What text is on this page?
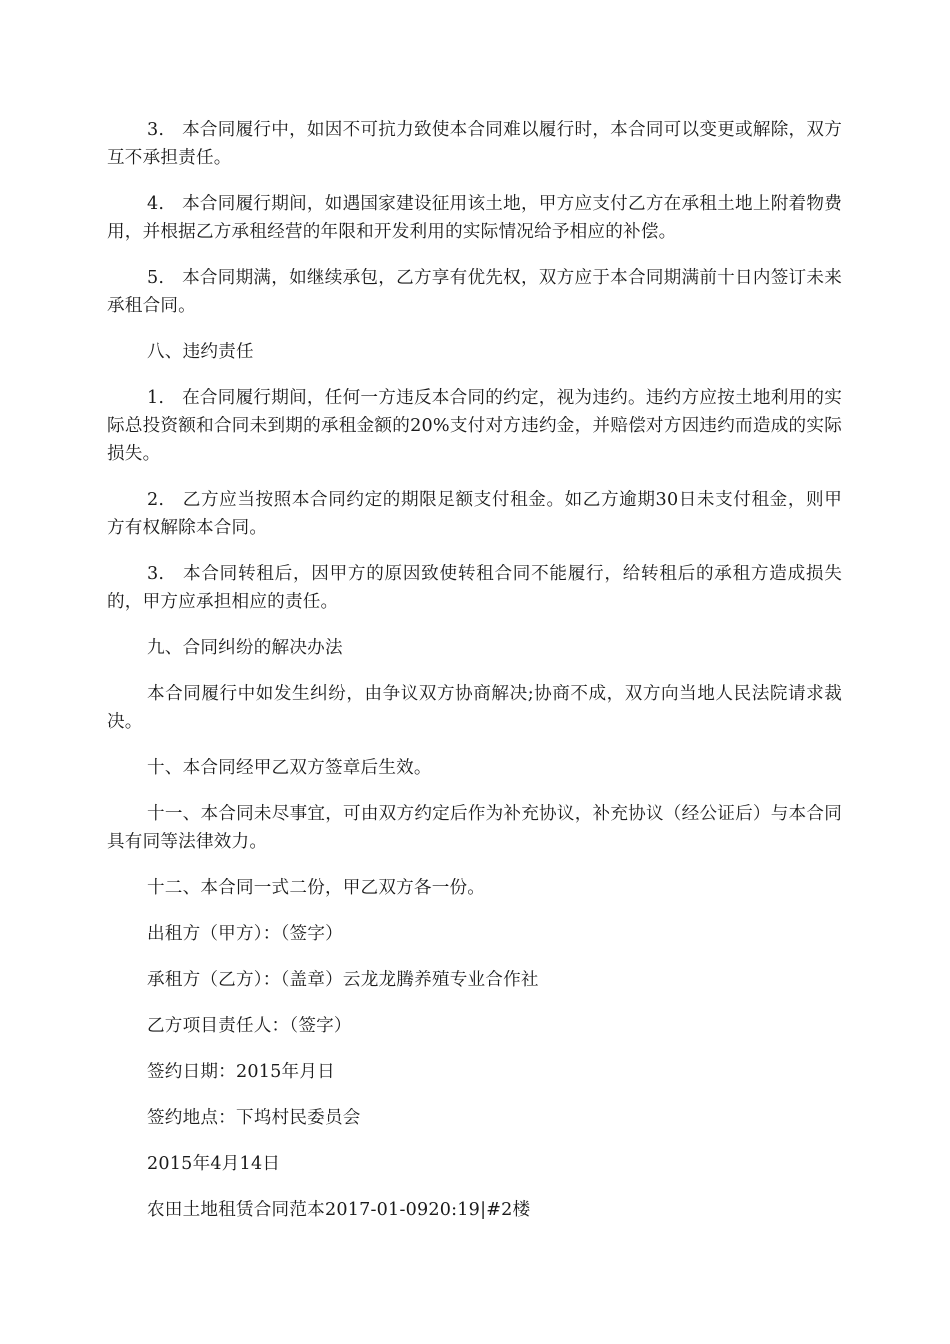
3.　本合同履行中，如因不可抗力致使本合同难以履行时，本合同可以变更或解除，双方互不承担责任。

4.　本合同履行期间，如遇国家建设征用该土地，甲方应支付乙方在承租土地上附着物费用，并根据乙方承租经营的年限和开发利用的实际情况给予相应的补偿。

5.　本合同期满，如继续承包，乙方享有优先权，双方应于本合同期满前十日内签订未来承租合同。

八、违约责任

1.　在合同履行期间，任何一方违反本合同的约定，视为违约。违约方应按土地利用的实际总投资额和合同未到期的承租金额的20%支付对方违约金，并赔偿对方因违约而造成的实际损失。

2.　乙方应当按照本合同约定的期限足额支付租金。如乙方逾期30日未支付租金，则甲方有权解除本合同。

3.　本合同转租后，因甲方的原因致使转租合同不能履行，给转租后的承租方造成损失的，甲方应承担相应的责任。

九、合同纠纷的解决办法

本合同履行中如发生纠纷，由争议双方协商解决;协商不成，双方向当地人民法院请求裁决。

十、本合同经甲乙双方签章后生效。

十一、本合同未尽事宜，可由双方约定后作为补充协议，补充协议（经公证后）与本合同具有同等法律效力。

十二、本合同一式二份，甲乙双方各一份。

出租方（甲方）：（签字）

承租方（乙方）：（盖章）云龙龙腾养殖专业合作社

乙方项目责任人：（签字）

签约日期：2015年月日

签约地点：下坞村民委员会

2015年4月14日

农田土地租赁合同范本2017-01-0920:19|#2楼
